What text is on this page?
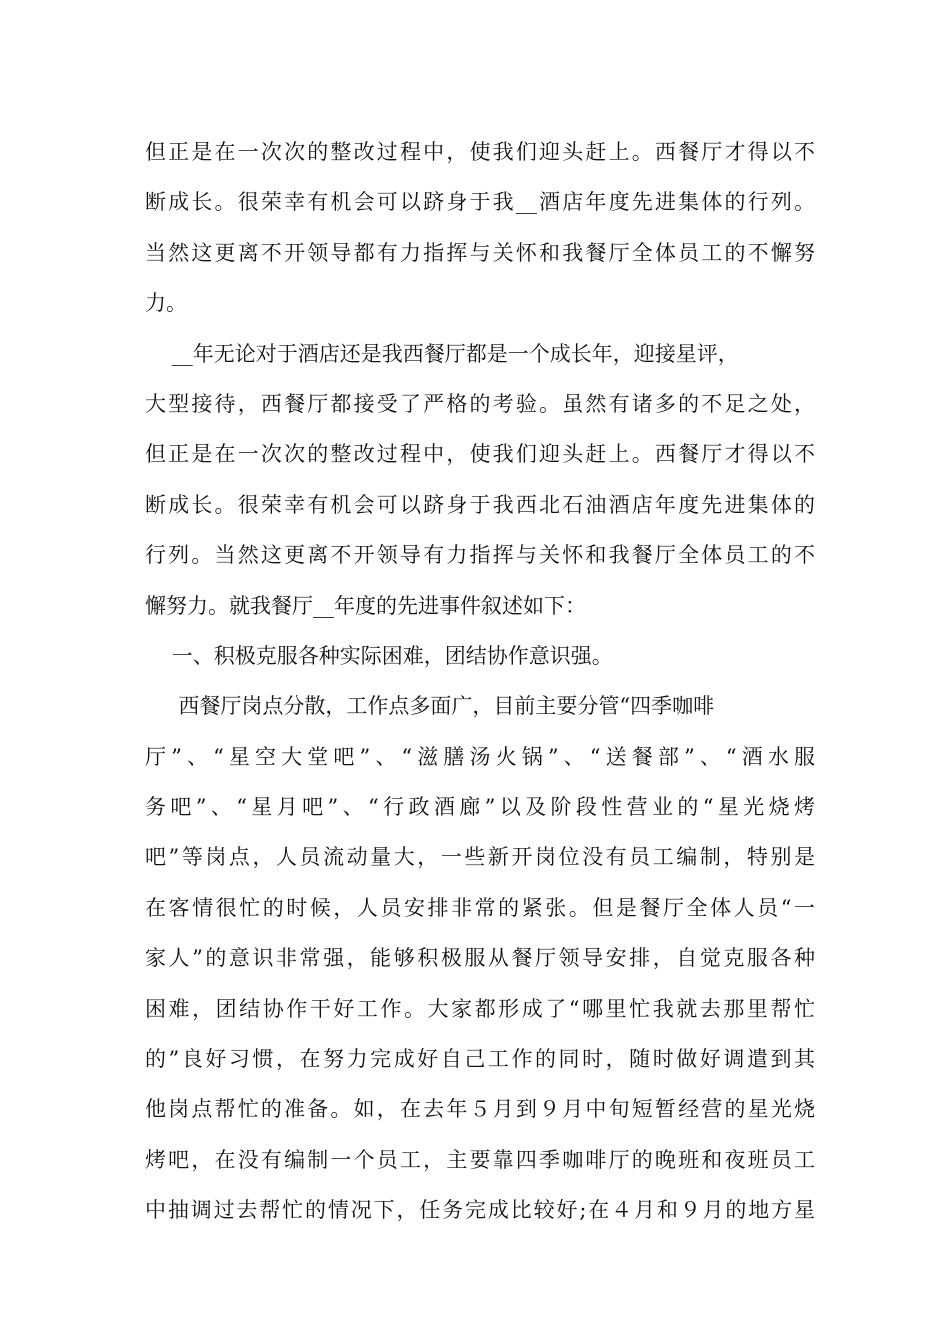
但正是在一次次的整改过程中，使我们迎头赶上。西餐厅才得以不
断成长。很荣幸有机会可以跻身于我__酒店年度先进集体的行列。
当然这更离不开领导都有力指挥与关怀和我餐厅全体员工的不懈努
力。
__年无论对于酒店还是我西餐厅都是一个成长年，迎接星评，
大型接待，西餐厅都接受了严格的考验。虽然有诸多的不足之处，
但正是在一次次的整改过程中，使我们迎头赶上。西餐厅才得以不
断成长。很荣幸有机会可以跻身于我西北石油酒店年度先进集体的
行列。当然这更离不开领导有力指挥与关怀和我餐厅全体员工的不
懈努力。就我餐厅__年度的先进事件叙述如下：
一、积极克服各种实际困难，团结协作意识强。
西餐厅岗点分散，工作点多面广，目前主要分管“四季咖啡
厅”、“星空大堂吧”、“滋膳汤火锅”、“送餐部”、“酒水服
务吧”、“星月吧”、“行政酒廊”以及阶段性营业的“星光烧烤
吧”等岗点，人员流动量大，一些新开岗位没有员工编制，特别是
在客情很忙的时候，人员安排非常的紧张。但是餐厅全体人员“一
家人”的意识非常强，能够积极服从餐厅领导安排，自觉克服各种
困难，团结协作干好工作。大家都形成了“哪里忙我就去那里帮忙
的”良好习惯，在努力完成好自己工作的同时，随时做好调遣到其
他岗点帮忙的准备。如，在去年５月到９月中旬短暂经营的星光烧
烤吧，在没有编制一个员工，主要靠四季咖啡厅的晚班和夜班员工
中抽调过去帮忙的情况下，任务完成比较好;在４月和９月的地方星
